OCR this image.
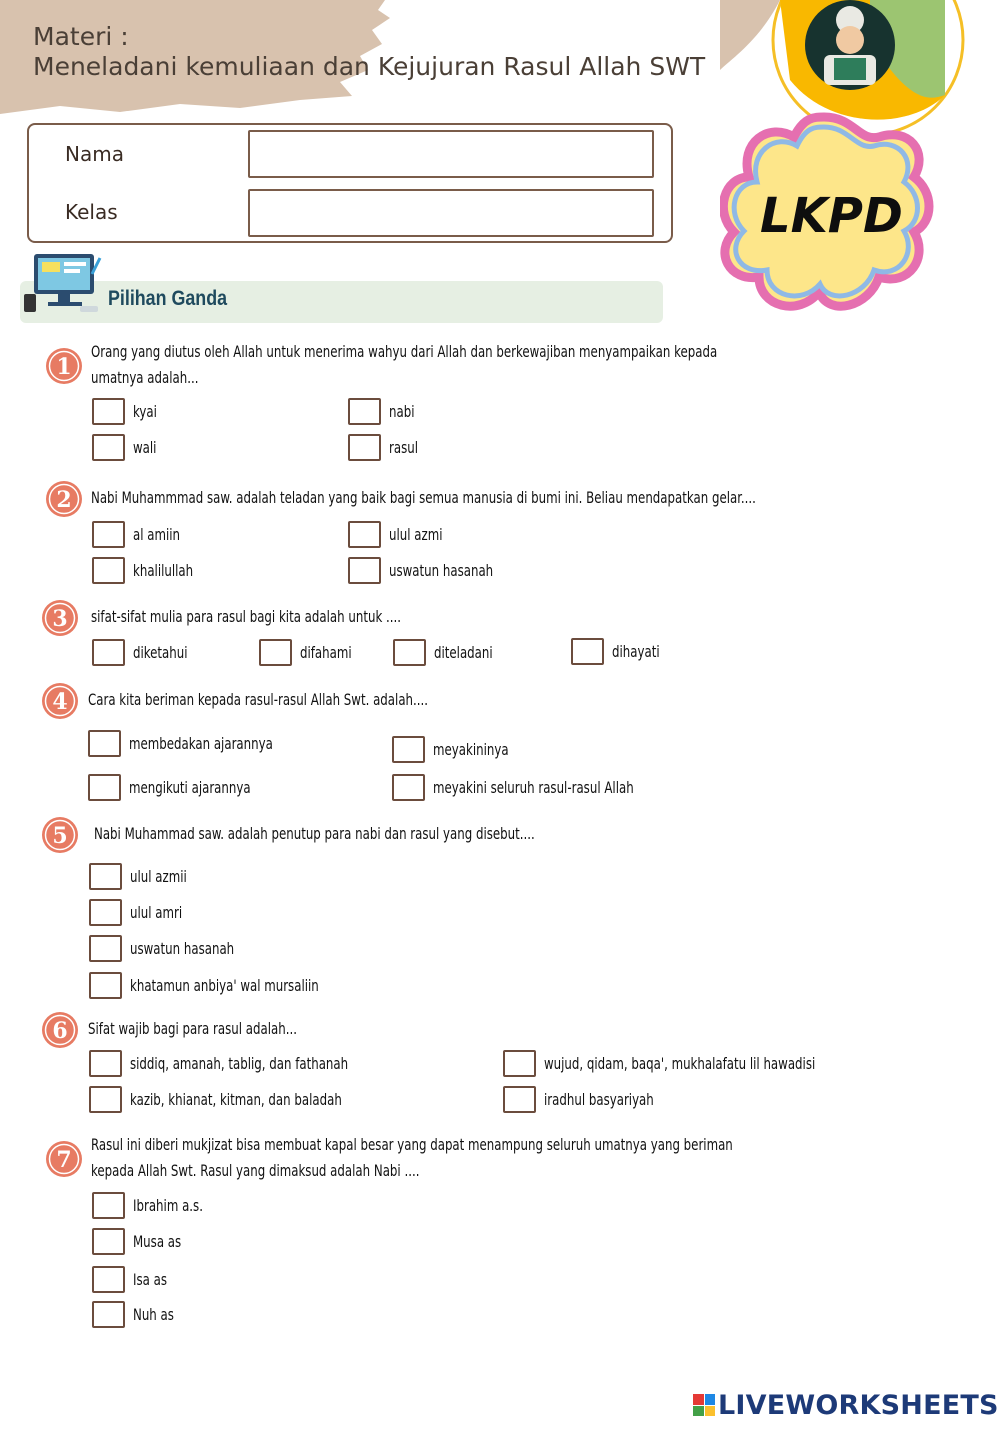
Materi :
Meneladani kemuliaan dan Kejujuran Rasul Allah SWT
LKPD
Nama
Kelas
Pilihan Ganda
1
Orang yang diutus oleh Allah untuk menerima wahyu dari Allah dan berkewajiban menyampaikan kepada
umatnya adalah...
kyai	nabi
wali	rasul
2 Nabi Muhammmad saw. adalah teladan yang baik bagi semua manusia di bumi ini. Beliau mendapatkan gelar....
al amiin	ulul azmi
khalilullah	uswatun hasanah
3 sifat-sifat mulia para rasul bagi kita adalah untuk ....
diketahui	difahami	diteladani	dihayati
4 Cara kita beriman kepada rasul-rasul Allah Swt. adalah....
membedakan ajarannya	meyakininya
mengikuti ajarannya	meyakini seluruh rasul-rasul Allah
5 Nabi Muhammad saw. adalah penutup para nabi dan rasul yang disebut....
ulul azmii
ulul amri
uswatun hasanah
khatamun anbiya' wal mursaliin
6 Sifat wajib bagi para rasul adalah...
siddiq, amanah, tablig, dan fathanah	wujud, qidam, baqa', mukhalafatu lil hawadisi
kazib, khianat, kitman, dan baladah	iradhul basyariyah
7
Rasul ini diberi mukjizat bisa membuat kapal besar yang dapat menampung seluruh umatnya yang beriman
kepada Allah Swt. Rasul yang dimaksud adalah Nabi ....
Ibrahim a.s.
Musa as
Isa as
Nuh as
LIVEWORKSHEETS
